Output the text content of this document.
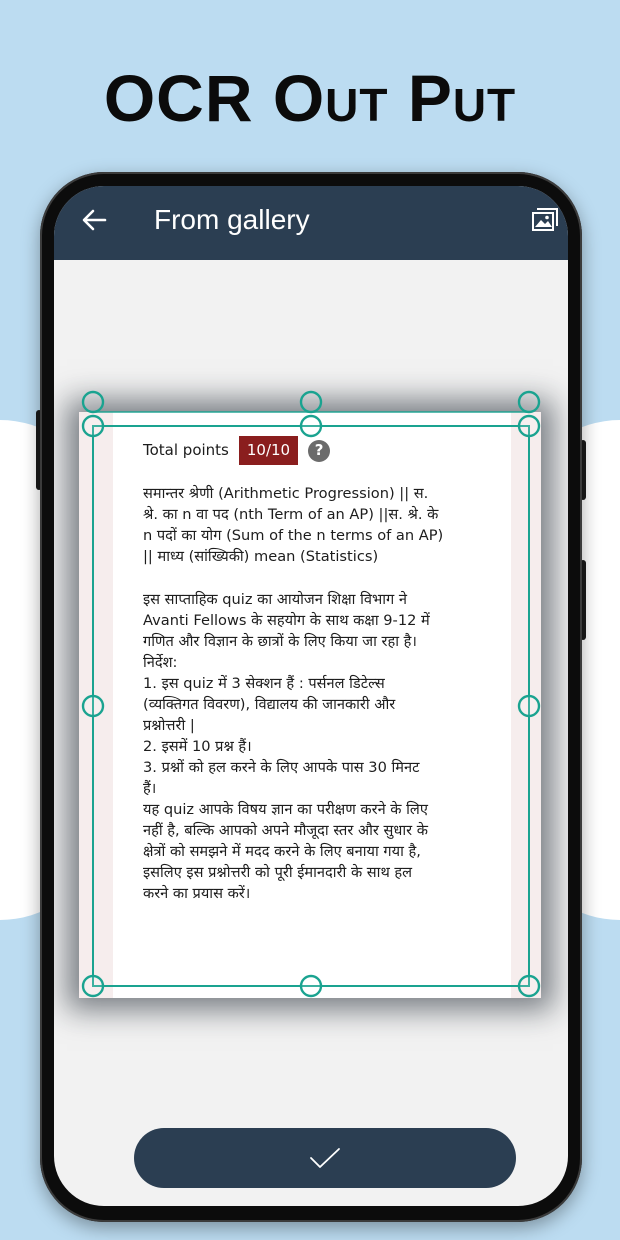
OCR Out Put
From gallery
Total points	10/10	?

समान्तर श्रेणी (Arithmetic Progression) || स.
श्रे. का n वा पद (nth Term of an AP) ||स. श्रे. के
n पदों का योग (Sum of the n terms of an AP)
|| माध्य (सांख्यिकी) mean (Statistics)

इस साप्ताहिक quiz का आयोजन शिक्षा विभाग ने
Avanti Fellows के सहयोग के साथ कक्षा 9-12 में
गणित और विज्ञान के छात्रों के लिए किया जा रहा है।
निर्देश:
1. इस quiz में 3 सेक्शन हैं : पर्सनल डिटेल्स
(व्यक्तिगत विवरण), विद्यालय की जानकारी और
प्रश्नोत्तरी |
2. इसमें 10 प्रश्न हैं।
3. प्रश्नों को हल करने के लिए आपके पास 30 मिनट
हैं।
यह quiz आपके विषय ज्ञान का परीक्षण करने के लिए
नहीं है, बल्कि आपको अपने मौजूदा स्तर और सुधार के
क्षेत्रों को समझने में मदद करने के लिए बनाया गया है,
इसलिए इस प्रश्नोत्तरी को पूरी ईमानदारी के साथ हल
करने का प्रयास करें।
